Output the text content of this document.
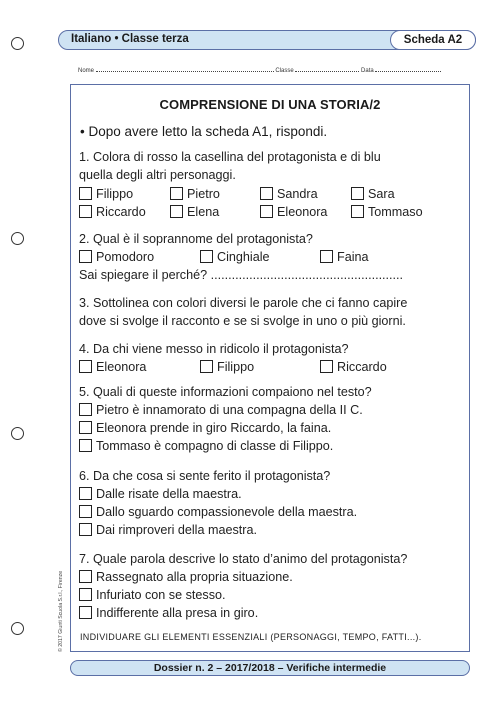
Italiano • Classe terza	Scheda A2
Nome	Classe	Data
COMPRENSIONE DI UNA STORIA/2
• Dopo avere letto la scheda A1, rispondi.
1. Colora di rosso la casellina del protagonista e di blu
quella degli altri personaggi.
Filippo	Pietro	Sandra	Sara
Riccardo	Elena	Eleonora	Tommaso
2. Qual è il soprannome del protagonista?
Pomodoro	Cinghiale	Faina
Sai spiegare il perché? .......................................................
3. Sottolinea con colori diversi le parole che ci fanno capire
dove si svolge il racconto e se si svolge in uno o più giorni.
4. Da chi viene messo in ridicolo il protagonista?
Eleonora	Filippo	Riccardo
5. Quali di queste informazioni compaiono nel testo?
Pietro è innamorato di una compagna della II C.
Eleonora prende in giro Riccardo, la faina.
Tommaso è compagno di classe di Filippo.
6. Da che cosa si sente ferito il protagonista?
Dalle risate della maestra.
Dallo sguardo compassionevole della maestra.
Dai rimproveri della maestra.
7. Quale parola descrive lo stato d’animo del protagonista?
Rassegnato alla propria situazione.
Infuriato con se stesso.
Indifferente alla presa in giro.
INDIVIDUARE GLI ELEMENTI ESSENZIALI (PERSONAGGI, TEMPO, FATTI...).
© 2017 Giunti Scuola S.r.l., Firenze
Dossier n. 2 – 2017/2018 – Verifiche intermedie
